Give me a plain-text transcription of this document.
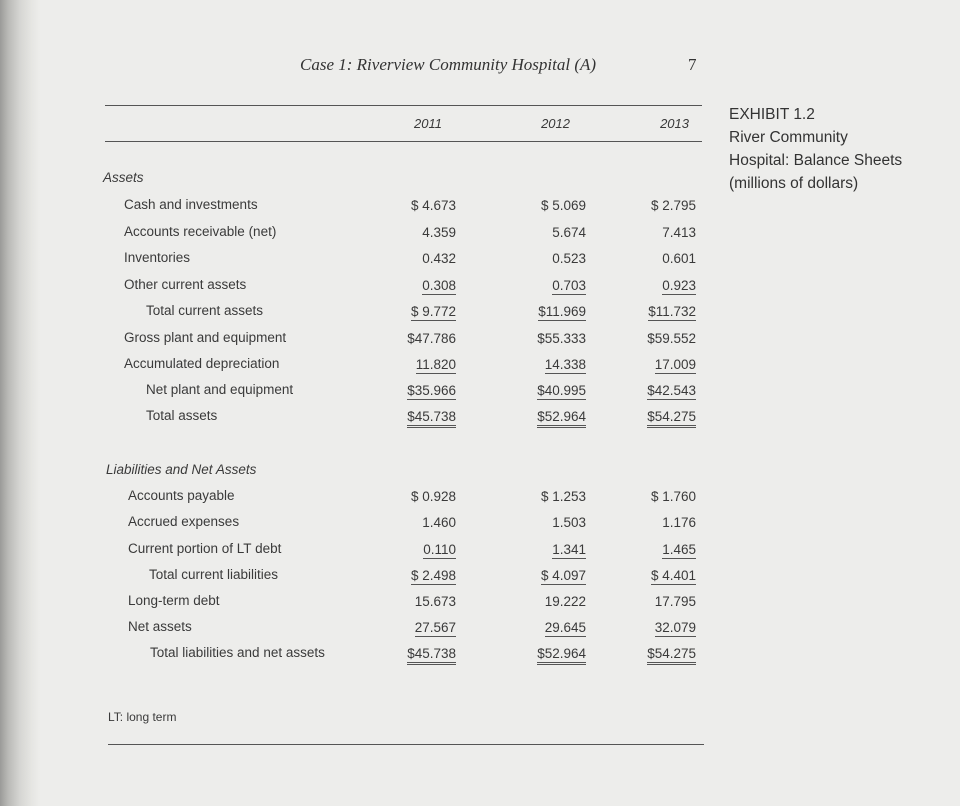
Case 1: Riverview Community Hospital (A)	7
2011	2012	2013
EXHIBIT 1.2
River Community
Hospital: Balance Sheets
(millions of dollars)
Assets
Cash and investments	$ 4.673	$ 5.069	$ 2.795
Accounts receivable (net)	4.359	5.674	7.413
Inventories	0.432	0.523	0.601
Other current assets	0.308	0.703	0.923
Total current assets	$ 9.772	$11.969	$11.732
Gross plant and equipment	$47.786	$55.333	$59.552
Accumulated depreciation	11.820	14.338	17.009
Net plant and equipment	$35.966	$40.995	$42.543
Total assets	$45.738	$52.964	$54.275
Liabilities and Net Assets
Accounts payable	$ 0.928	$ 1.253	$ 1.760
Accrued expenses	1.460	1.503	1.176
Current portion of LT debt	0.110	1.341	1.465
Total current liabilities	$ 2.498	$ 4.097	$ 4.401
Long-term debt	15.673	19.222	17.795
Net assets	27.567	29.645	32.079
Total liabilities and net assets	$45.738	$52.964	$54.275
LT: long term
